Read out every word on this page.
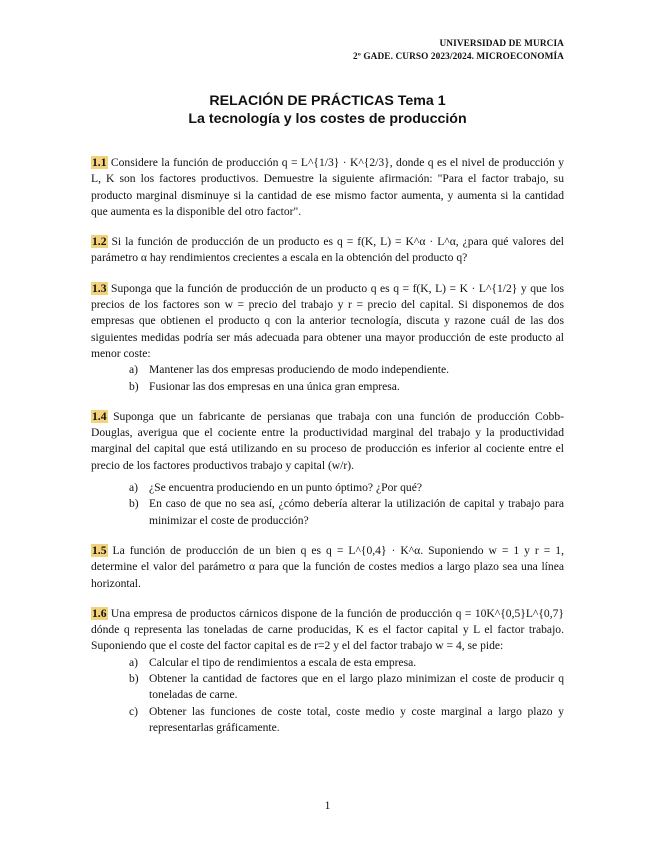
UNIVERSIDAD DE MURCIA
2º GADE. CURSO 2023/2024. MICROECONOMÍA
RELACIÓN DE PRÁCTICAS Tema 1
La tecnología y los costes de producción

1.1 Considere la función de producción q = L^{1/3} · K^{2/3}, donde q es el nivel de producción y L, K son los factores productivos. Demuestre la siguiente afirmación: "Para el factor trabajo, su producto marginal disminuye si la cantidad de ese mismo factor aumenta, y aumenta si la cantidad que aumenta es la disponible del otro factor".

1.2 Si la función de producción de un producto es q = f(K, L) = K^α · L^α, ¿para qué valores del parámetro α hay rendimientos crecientes a escala en la obtención del producto q?

1.3 Suponga que la función de producción de un producto q es q = f(K, L) = K · L^{1/2} y que los precios de los factores son w = precio del trabajo y r = precio del capital. Si disponemos de dos empresas que obtienen el producto q con la anterior tecnología, discuta y razone cuál de las dos siguientes medidas podría ser más adecuada para obtener una mayor producción de este producto al menor coste:

a) Mantener las dos empresas produciendo de modo independiente.
b) Fusionar las dos empresas en una única gran empresa.

1.4 Suponga que un fabricante de persianas que trabaja con una función de producción Cobb-Douglas, averigua que el cociente entre la productividad marginal del trabajo y la productividad marginal del capital que está utilizando en su proceso de producción es inferior al cociente entre el precio de los factores productivos trabajo y capital (w/r).

a) ¿Se encuentra produciendo en un punto óptimo? ¿Por qué?
b) En caso de que no sea así, ¿cómo debería alterar la utilización de capital y trabajo para minimizar el coste de producción?

1.5 La función de producción de un bien q es q = L^{0,4} · K^α. Suponiendo w = 1 y r = 1, determine el valor del parámetro α para que la función de costes medios a largo plazo sea una línea horizontal.

1.6 Una empresa de productos cárnicos dispone de la función de producción q = 10K^{0,5}L^{0,7} dónde q representa las toneladas de carne producidas, K es el factor capital y L el factor trabajo. Suponiendo que el coste del factor capital es de r=2 y el del factor trabajo w = 4, se pide:

a) Calcular el tipo de rendimientos a escala de esta empresa.
b) Obtener la cantidad de factores que en el largo plazo minimizan el coste de producir q toneladas de carne.
c) Obtener las funciones de coste total, coste medio y coste marginal a largo plazo y representarlas gráficamente.
1
